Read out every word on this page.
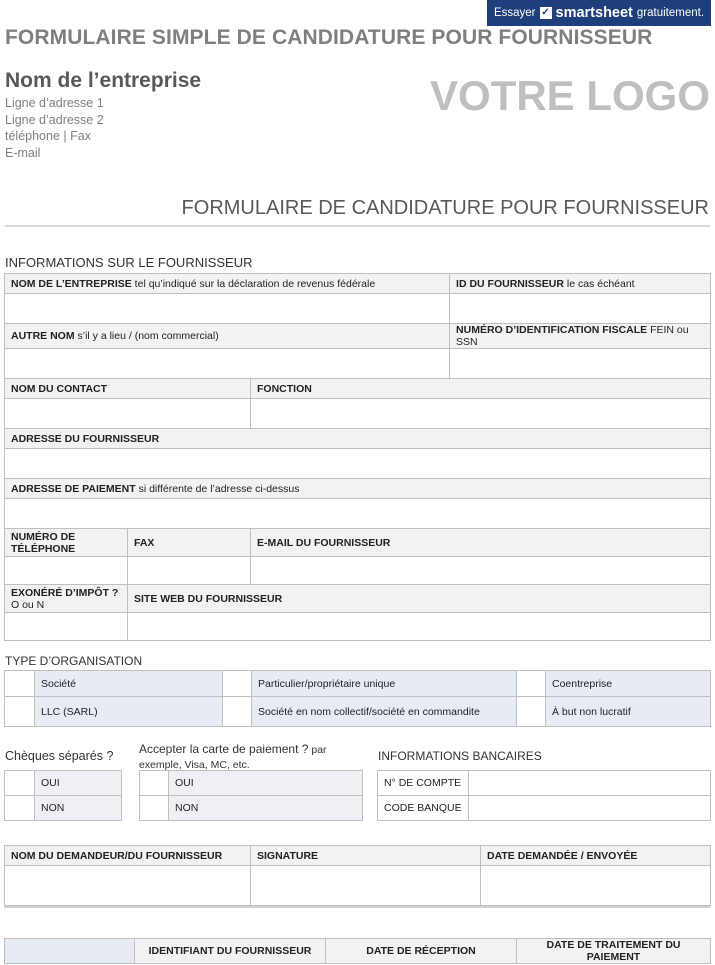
Essayer ✓ smartsheet gratuitement.
FORMULAIRE SIMPLE DE CANDIDATURE POUR FOURNISSEUR
Nom de l’entreprise
Ligne d’adresse 1
Ligne d’adresse 2
téléphone | Fax
E-mail
VOTRE LOGO
FORMULAIRE DE CANDIDATURE POUR FOURNISSEUR
INFORMATIONS SUR LE FOURNISSEUR
NOM DE L’ENTREPRISE tel qu’indiqué sur la déclaration de revenus fédérale			ID DU FOURNISSEUR le cas échéant

AUTRE NOM s’il y a lieu / (nom commercial)			NUMÉRO D’IDENTIFICATION FISCALE FEIN ou SSN

NOM DU CONTACT		FONCTION	

ADRESSE DU FOURNISSEUR			

ADRESSE DE PAIEMENT si différente de l’adresse ci-dessus			

NUMÉRO DE TÉLÉPHONE	FAX	E-MAIL DU FOURNISSEUR	

EXONÉRÉ D’IMPÔT ?
O ou N	SITE WEB DU FOURNISSEUR		

TYPE D’ORGANISATION
	Société		Particulier/propriétaire unique		Coentreprise
	LLC (SARL)		Société en nom collectif/société en commandite		À but non lucratif
Chèques séparés ? Accepter la carte de paiement ? par exemple, Visa, MC, etc.
INFORMATIONS BANCAIRES
	OUI
	NON
	OUI
	NON
N° DE COMPTE	
CODE BANQUE	
NOM DU DEMANDEUR/DU FOURNISSEUR	SIGNATURE	DATE DEMANDÉE / ENVOYÉE

	IDENTIFIANT DU FOURNISSEUR	DATE DE RÉCEPTION	DATE DE TRAITEMENT DU PAIEMENT
